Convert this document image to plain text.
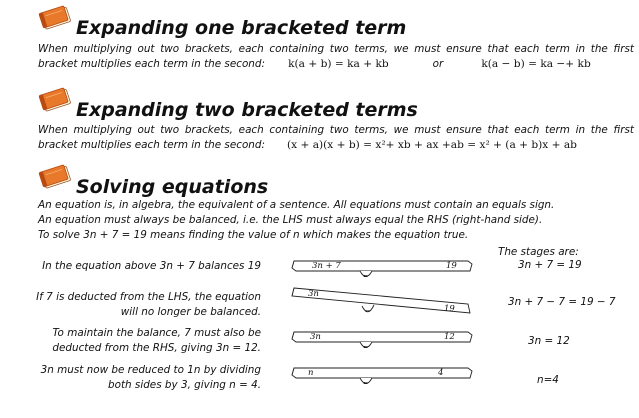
Expanding one bracketed term
When multiplying out two brackets, each containing two terms, we must ensure that each term in the first bracket multiplies each term in the second: k(a + b) = ka + kb	or	k(a − b) = ka −+ kb
Expanding two bracketed terms
When multiplying out two brackets, each containing two terms, we must ensure that each term in the first bracket multiplies each term in the second: (x + a)(x + b) = x²+ xb + ax +ab = x² + (a + b)x + ab
Solving equations
An equation is, in algebra, the equivalent of a sentence. All equations must contain an equals sign.
An equation must always be balanced, i.e. the LHS must always equal the RHS (right-hand side).
To solve 3n + 7 = 19 means finding the value of n which makes the equation true.
The stages are:
In the equation above 3n + 7 balances 19	3n + 7	19
=
3n + 7 = 19
If 7 is deducted from the LHS, the equation will no longer be balanced.
3n
19
=
3n + 7 − 7 = 19 − 7
To maintain the balance, 7 must also be deducted from the RHS, giving 3n = 12.
3n	12
=
3n = 12
3n must now be reduced to 1n by dividing both sides by 3, giving n = 4.
n	4
=	n=4
